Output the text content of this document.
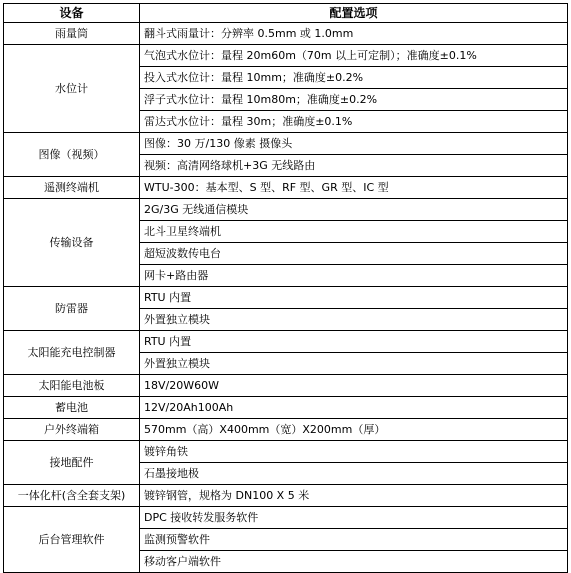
设备	配置选项
雨量筒	翻斗式雨量计：分辨率 0.5mm 或 1.0mm
水位计	气泡式水位计：量程 20m60m（70m 以上可定制）；准确度±0.1%
	投入式水位计：量程 10mm；准确度±0.2%
	浮子式水位计：量程 10m80m；准确度±0.2%
	雷达式水位计：量程 30m；准确度±0.1%
图像（视频）	图像：30 万/130 像素 摄像头
	视频：高清网络球机+3G 无线路由
遥测终端机	WTU-300：基本型、S 型、RF 型、GR 型、IC 型
传输设备	2G/3G 无线通信模块
	北斗卫星终端机
	超短波数传电台
	网卡+路由器
防雷器	RTU 内置
	外置独立模块
太阳能充电控制器	RTU 内置
	外置独立模块
太阳能电池板	18V/20W60W
蓄电池	12V/20Ah100Ah
户外终端箱	570mm（高）X400mm（宽）X200mm（厚）
接地配件	镀锌角铁
	石墨接地极
一体化杆(含全套支架)	镀锌钢管，规格为 DN100 X 5 米
后台管理软件	DPC 接收转发服务软件
	监测预警软件
	移动客户端软件
